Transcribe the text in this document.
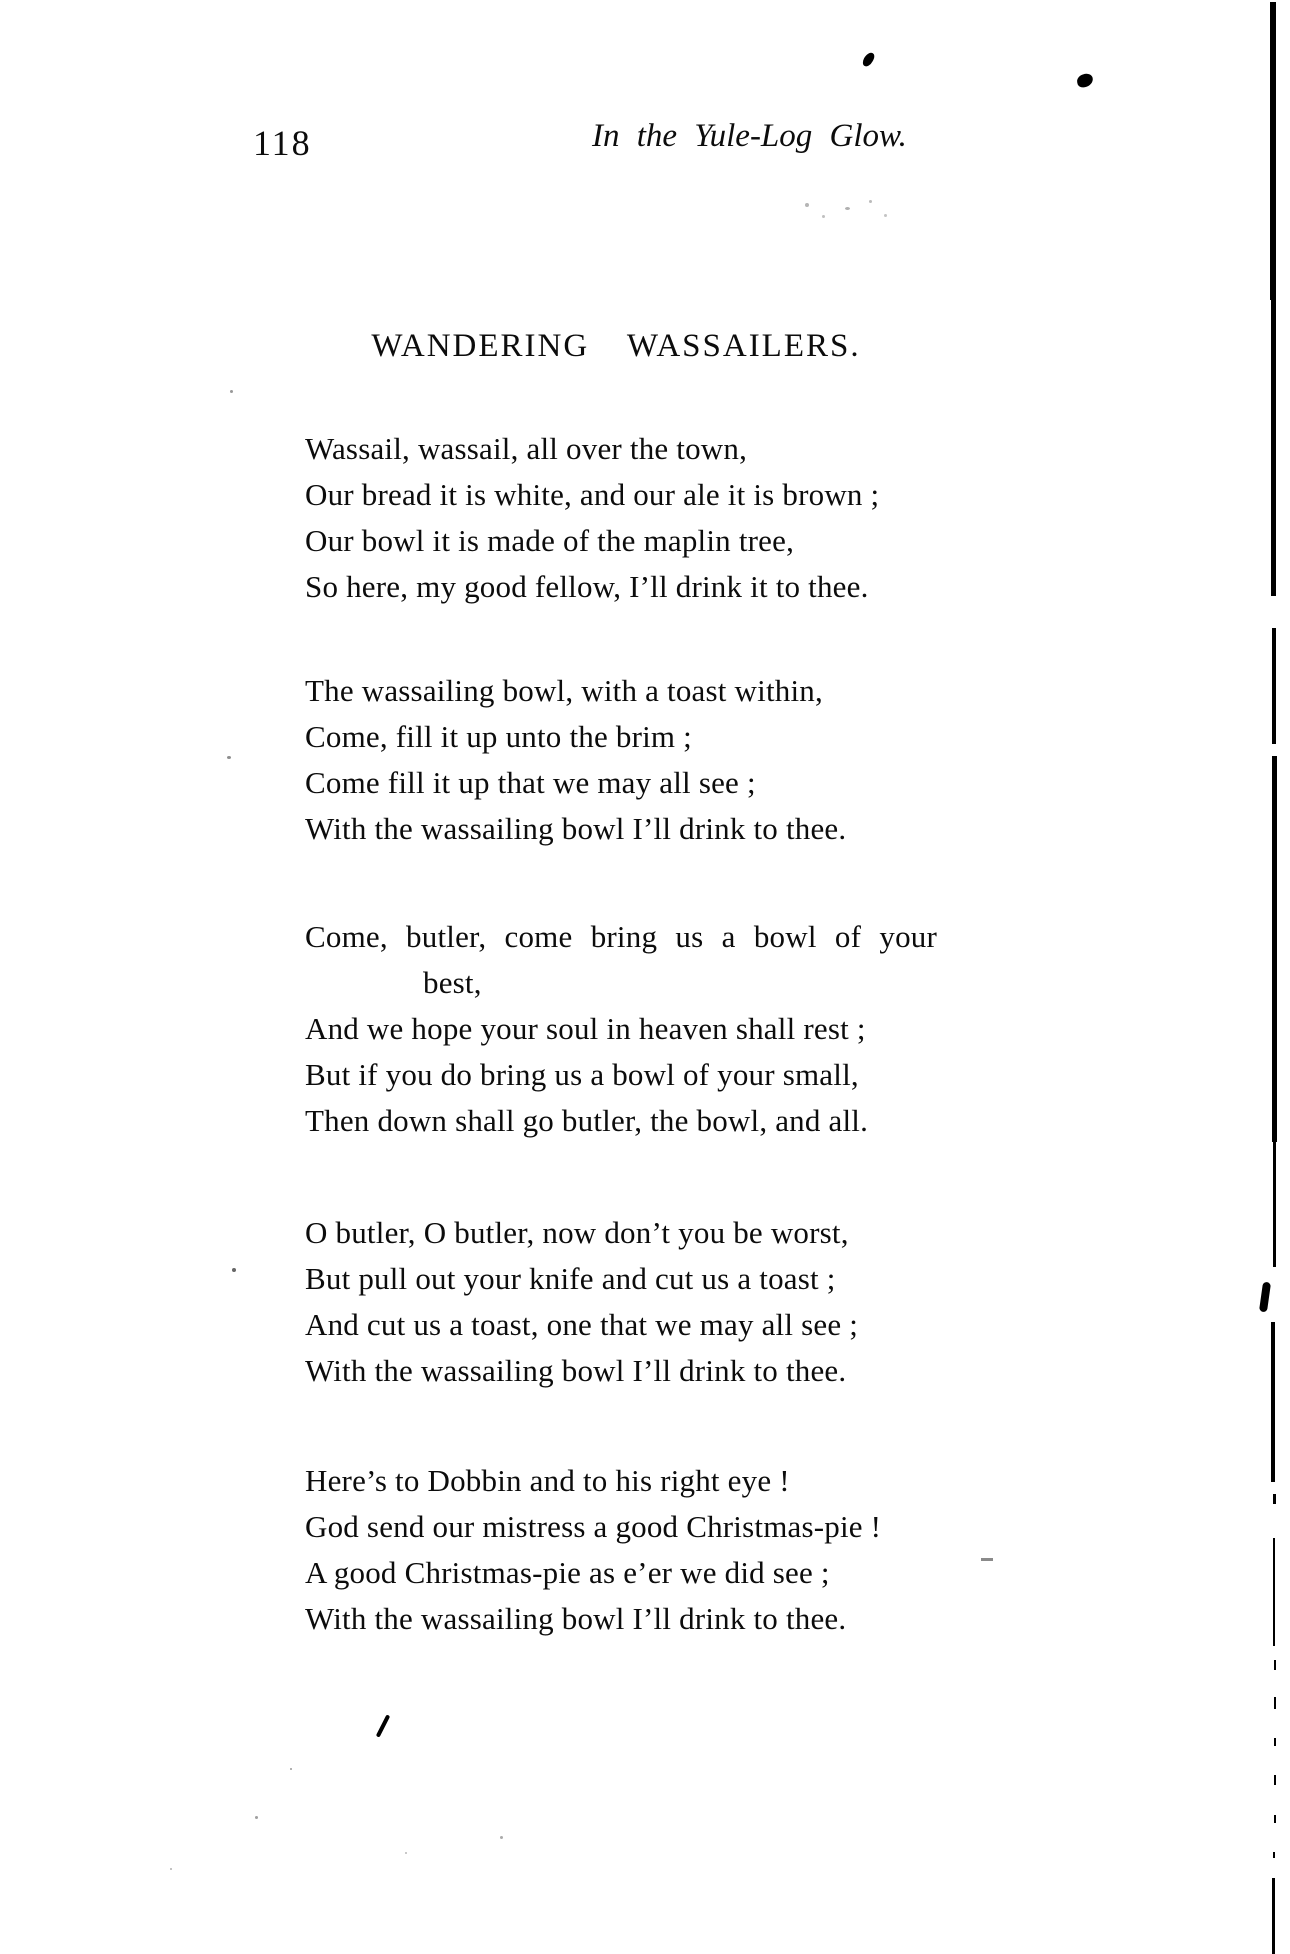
118	In the Yule-Log Glow.
WANDERING WASSAILERS.
Wassail, wassail, all over the town,
Our bread it is white, and our ale it is brown ;
Our bowl it is made of the maplin tree,
So here, my good fellow, I’ll drink it to thee.
The wassailing bowl, with a toast within,
Come, fill it up unto the brim ;
Come fill it up that we may all see ;
With the wassailing bowl I’ll drink to thee.
Come, butler, come bring us a bowl of your
best,
And we hope your soul in heaven shall rest ;
But if you do bring us a bowl of your small,
Then down shall go butler, the bowl, and all.
O butler, O butler, now don’t you be worst,
But pull out your knife and cut us a toast ;
And cut us a toast, one that we may all see ;
With the wassailing bowl I’ll drink to thee.
Here’s to Dobbin and to his right eye !
God send our mistress a good Christmas-pie !
A good Christmas-pie as e’er we did see ;
With the wassailing bowl I’ll drink to thee.
